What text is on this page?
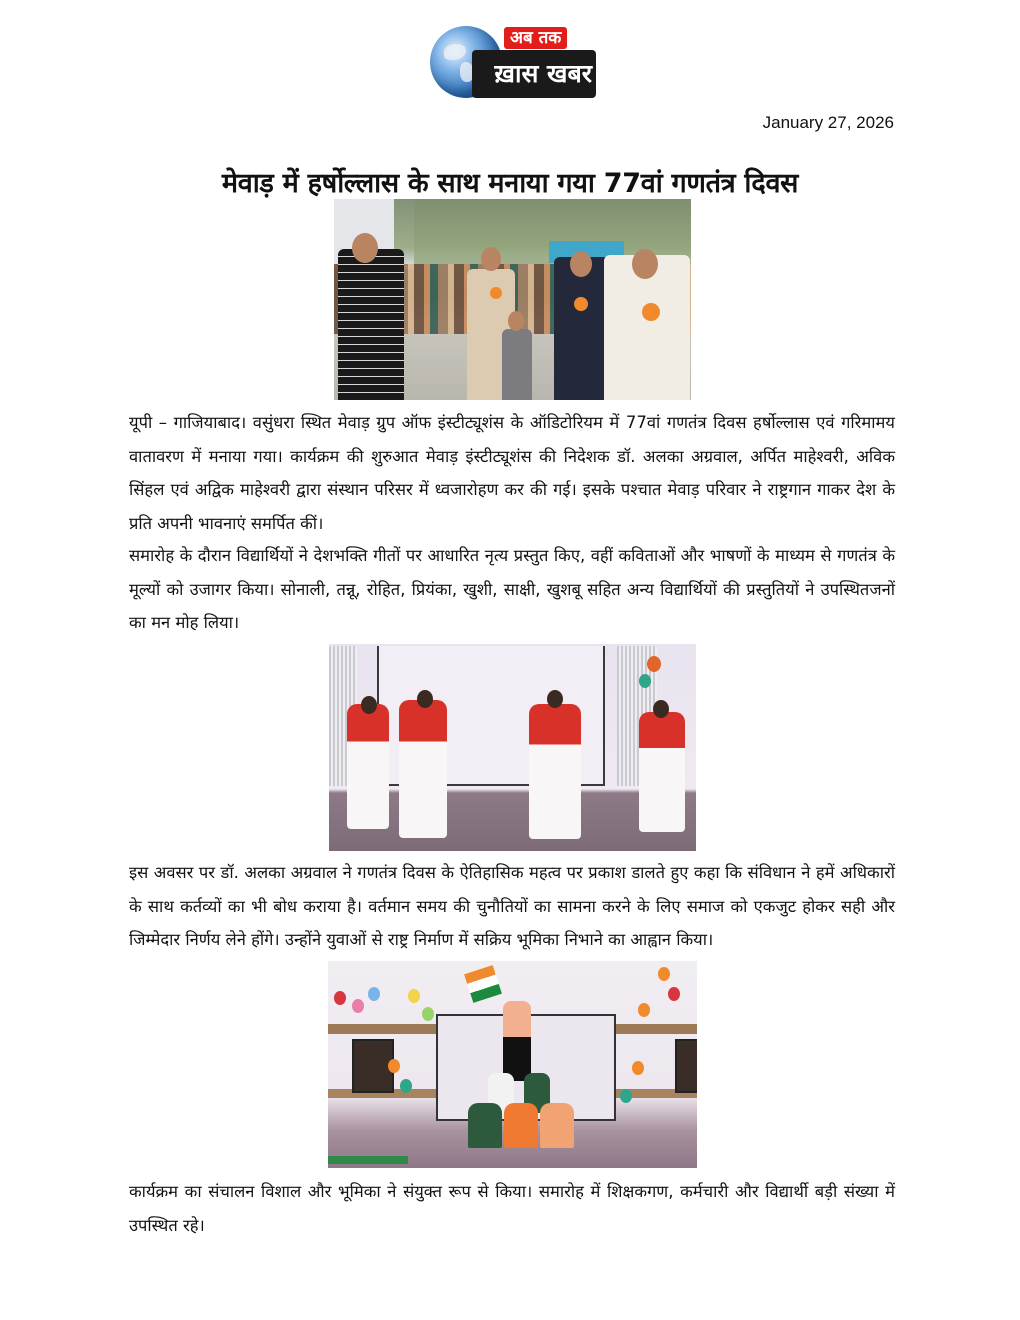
अब तक
ख़ास खबर
January 27, 2026
मेवाड़ में हर्षोल्लास के साथ मनाया गया 77वां गणतंत्र दिवस
यूपी – गाजियाबाद। वसुंधरा स्थित मेवाड़ ग्रुप ऑफ इंस्टीट्यूशंस के ऑडिटोरियम में 77वां गणतंत्र दिवस हर्षोल्लास एवं गरिमामय वातावरण में मनाया गया। कार्यक्रम की शुरुआत मेवाड़ इंस्टीट्यूशंस की निदेशक डॉ. अलका अग्रवाल, अर्पित माहेश्वरी, अविक सिंहल एवं अद्विक माहेश्वरी द्वारा संस्थान परिसर में ध्वजारोहण कर की गई। इसके पश्चात मेवाड़ परिवार ने राष्ट्रगान गाकर देश के प्रति अपनी भावनाएं समर्पित कीं।
समारोह के दौरान विद्यार्थियों ने देशभक्ति गीतों पर आधारित नृत्य प्रस्तुत किए, वहीं कविताओं और भाषणों के माध्यम से गणतंत्र के मूल्यों को उजागर किया। सोनाली, तन्नू, रोहित, प्रियंका, खुशी, साक्षी, खुशबू सहित अन्य विद्यार्थियों की प्रस्तुतियों ने उपस्थितजनों का मन मोह लिया।
इस अवसर पर डॉ. अलका अग्रवाल ने गणतंत्र दिवस के ऐतिहासिक महत्व पर प्रकाश डालते हुए कहा कि संविधान ने हमें अधिकारों के साथ कर्तव्यों का भी बोध कराया है। वर्तमान समय की चुनौतियों का सामना करने के लिए समाज को एकजुट होकर सही और जिम्मेदार निर्णय लेने होंगे। उन्होंने युवाओं से राष्ट्र निर्माण में सक्रिय भूमिका निभाने का आह्वान किया।
कार्यक्रम का संचालन विशाल और भूमिका ने संयुक्त रूप से किया। समारोह में शिक्षकगण, कर्मचारी और विद्यार्थी बड़ी संख्या में उपस्थित रहे।
